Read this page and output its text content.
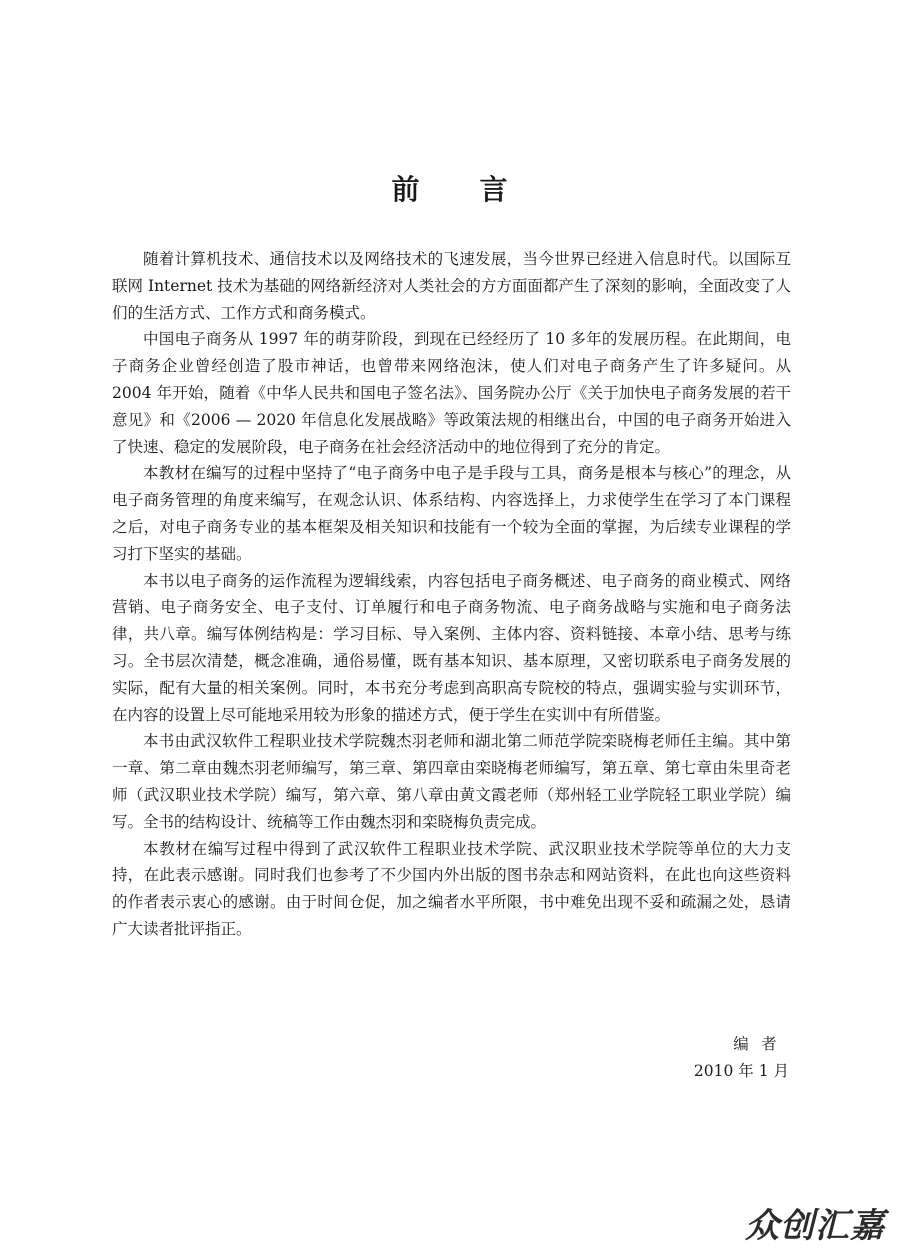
前 言

随着计算机技术、通信技术以及网络技术的飞速发展，当今世界已经进入信息时代。以国际互联网 Internet 技术为基础的网络新经济对人类社会的方方面面都产生了深刻的影响，全面改变了人们的生活方式、工作方式和商务模式。

中国电子商务从 1997 年的萌芽阶段，到现在已经经历了 10 多年的发展历程。在此期间，电子商务企业曾经创造了股市神话，也曾带来网络泡沫，使人们对电子商务产生了许多疑问。从 2004 年开始，随着《中华人民共和国电子签名法》、国务院办公厅《关于加快电子商务发展的若干意见》和《2006 — 2020 年信息化发展战略》等政策法规的相继出台，中国的电子商务开始进入了快速、稳定的发展阶段，电子商务在社会经济活动中的地位得到了充分的肯定。

本教材在编写的过程中坚持了“电子商务中电子是手段与工具，商务是根本与核心”的理念，从电子商务管理的角度来编写，在观念认识、体系结构、内容选择上，力求使学生在学习了本门课程之后，对电子商务专业的基本框架及相关知识和技能有一个较为全面的掌握，为后续专业课程的学习打下坚实的基础。

本书以电子商务的运作流程为逻辑线索，内容包括电子商务概述、电子商务的商业模式、网络营销、电子商务安全、电子支付、订单履行和电子商务物流、电子商务战略与实施和电子商务法律，共八章。编写体例结构是：学习目标、导入案例、主体内容、资料链接、本章小结、思考与练习。全书层次清楚，概念准确，通俗易懂，既有基本知识、基本原理，又密切联系电子商务发展的实际，配有大量的相关案例。同时，本书充分考虑到高职高专院校的特点，强调实验与实训环节，在内容的设置上尽可能地采用较为形象的描述方式，便于学生在实训中有所借鉴。

本书由武汉软件工程职业技术学院魏杰羽老师和湖北第二师范学院栾晓梅老师任主编。其中第一章、第二章由魏杰羽老师编写，第三章、第四章由栾晓梅老师编写，第五章、第七章由朱里奇老师（武汉职业技术学院）编写，第六章、第八章由黄文霞老师（郑州轻工业学院轻工职业学院）编写。全书的结构设计、统稿等工作由魏杰羽和栾晓梅负责完成。

本教材在编写过程中得到了武汉软件工程职业技术学院、武汉职业技术学院等单位的大力支持，在此表示感谢。同时我们也参考了不少国内外出版的图书杂志和网站资料，在此也向这些资料的作者表示衷心的感谢。由于时间仓促，加之编者水平所限，书中难免出现不妥和疏漏之处，恳请广大读者批评指正。

编者
2010 年 1 月
众创汇嘉
